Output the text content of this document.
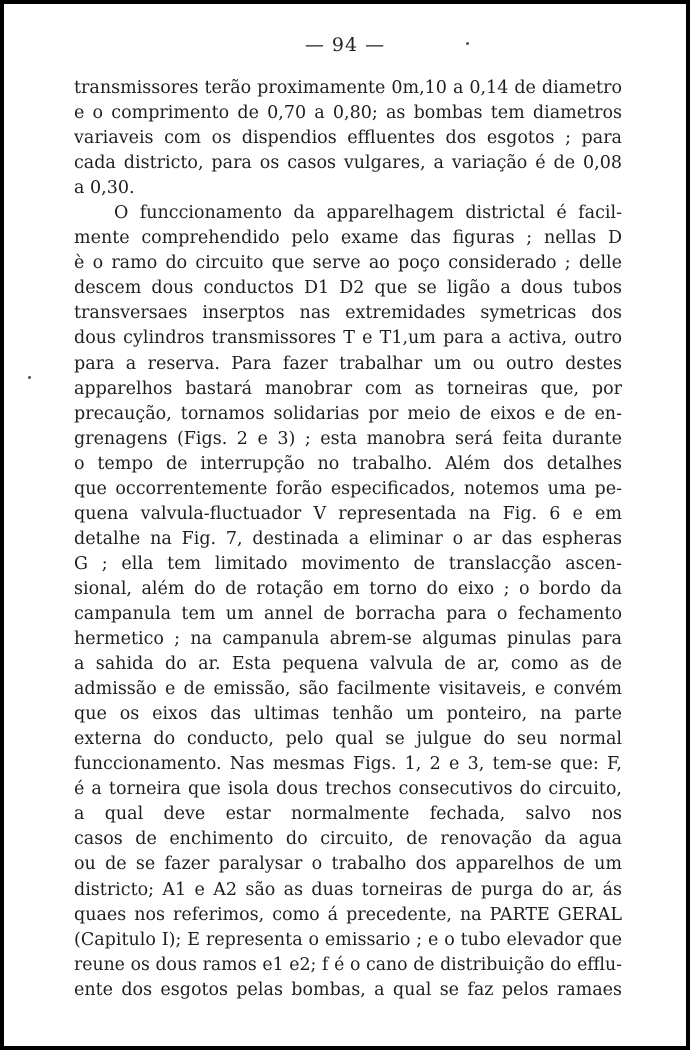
— 94 —
transmissores terão proximamente 0m,10 a 0,14 de diametro
e o comprimento de 0,70 a 0,80; as bombas tem diametros
variaveis com os dispendios effluentes dos esgotos ; para
cada districto, para os casos vulgares, a variação é de 0,08
a 0,30.
O funccionamento da apparelhagem districtal é facil-
mente comprehendido pelo exame das figuras ; nellas D
è o ramo do circuito que serve ao poço considerado ; delle
descem dous conductos D1 D2 que se ligão a dous tubos
transversaes inserptos nas extremidades symetricas dos
dous cylindros transmissores T e T1,um para a activa, outro
para a reserva. Para fazer trabalhar um ou outro destes
apparelhos bastará manobrar com as torneiras que, por
precaução, tornamos solidarias por meio de eixos e de en-
grenagens (Figs. 2 e 3) ; esta manobra será feita durante
o tempo de interrupção no trabalho. Além dos detalhes
que occorrentemente forão especificados, notemos uma pe-
quena valvula-fluctuador V representada na Fig. 6 e em
detalhe na Fig. 7, destinada a eliminar o ar das espheras
G ; ella tem limitado movimento de translacção ascen-
sional, além do de rotação em torno do eixo ; o bordo da
campanula tem um annel de borracha para o fechamento
hermetico ; na campanula abrem-se algumas pinulas para
a sahida do ar. Esta pequena valvula de ar, como as de
admissão e de emissão, são facilmente visitaveis, e convém
que os eixos das ultimas tenhão um ponteiro, na parte
externa do conducto, pelo qual se julgue do seu normal
funccionamento. Nas mesmas Figs. 1, 2 e 3, tem-se que: F,
é a torneira que isola dous trechos consecutivos do circuito,
a qual deve estar normalmente fechada, salvo nos
casos de enchimento do circuito, de renovação da agua
ou de se fazer paralysar o trabalho dos apparelhos de um
districto; A1 e A2 são as duas torneiras de purga do ar, ás
quaes nos referimos, como á precedente, na PARTE GERAL
(Capitulo I); E representa o emissario ; e o tubo elevador que
reune os dous ramos e1 e2; f é o cano de distribuição do efflu-
ente dos esgotos pelas bombas, a qual se faz pelos ramaes
